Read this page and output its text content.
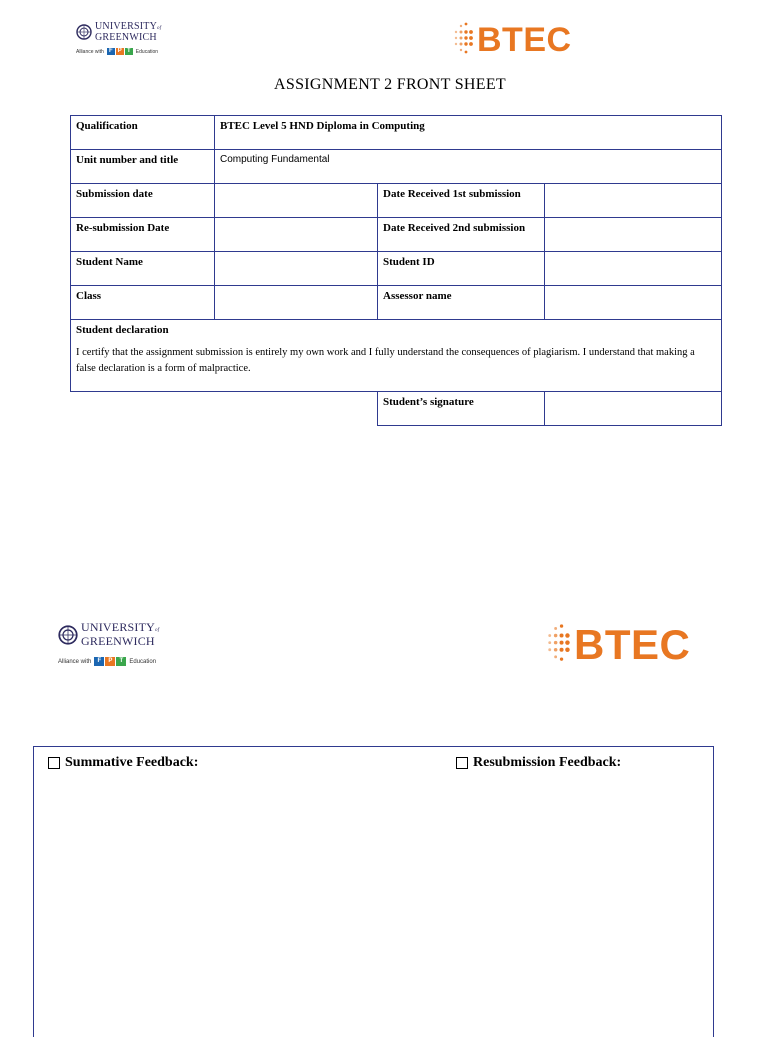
UNIVERSITYof
GREENWICH
Alliance with F P T	Education	BTEC
ASSIGNMENT 2 FRONT SHEET
Qualification	BTEC Level 5 HND Diploma in Computing		
Unit number and title	Computing Fundamental		
Submission date		Date Received 1st submission	
Re-submission Date		Date Received 2nd submission	
Student Name		Student ID	
Class		Assessor name	

Student declaration
I certify that the assignment submission is entirely my own work and I fully understand the consequences of plagiarism. I understand that making a false declaration is a form of malpractice.			

		Student’s signature	
UNIVERSITYof
GREENWICH
Alliance with	F	P	T	Education	BTEC
Summative Feedback:	Resubmission Feedback:
